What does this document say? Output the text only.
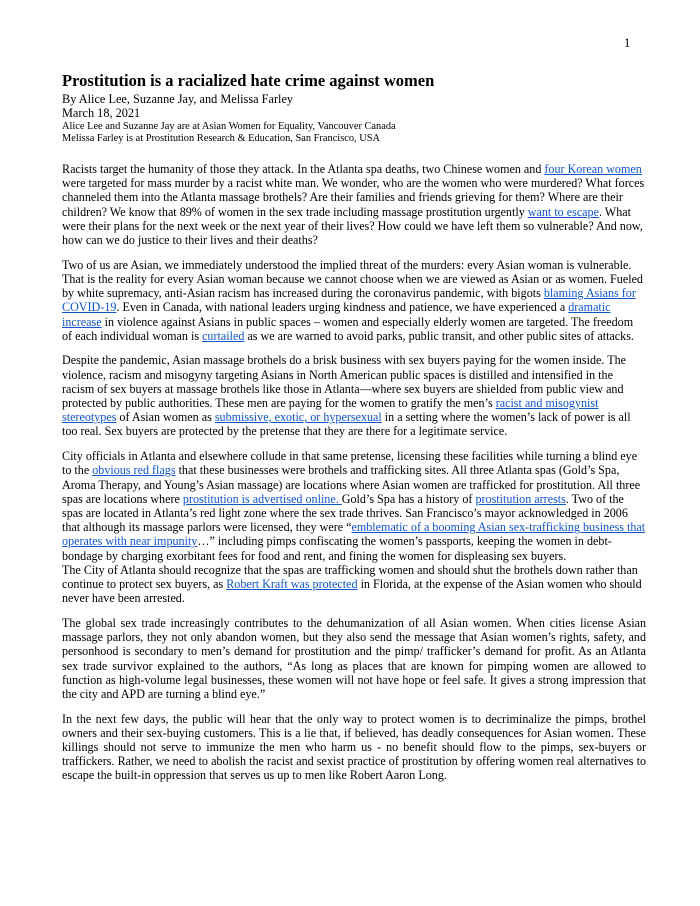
1
Prostitution is a racialized hate crime against women
By Alice Lee, Suzanne Jay, and Melissa Farley
March 18, 2021
Alice Lee and Suzanne Jay are at Asian Women for Equality, Vancouver Canada
Melissa Farley is at Prostitution Research & Education, San Francisco, USA

Racists target the humanity of those they attack. In the Atlanta spa deaths, two Chinese women and four Korean women were targeted for mass murder by a racist white man. We wonder, who are the women who were murdered? What forces channeled them into the Atlanta massage brothels? Are their families and friends grieving for them? Where are their children? We know that 89% of women in the sex trade including massage prostitution urgently want to escape. What were their plans for the next week or the next year of their lives? How could we have left them so vulnerable? And now, how can we do justice to their lives and their deaths?

Two of us are Asian, we immediately understood the implied threat of the murders: every Asian woman is vulnerable. That is the reality for every Asian woman because we cannot choose when we are viewed as Asian or as women. Fueled by white supremacy, anti-Asian racism has increased during the coronavirus pandemic, with bigots blaming Asians for COVID-19. Even in Canada, with national leaders urging kindness and patience, we have experienced a dramatic increase in violence against Asians in public spaces – women and especially elderly women are targeted. The freedom of each individual woman is curtailed as we are warned to avoid parks, public transit, and other public sites of attacks.

Despite the pandemic, Asian massage brothels do a brisk business with sex buyers paying for the women inside. The violence, racism and misogyny targeting Asians in North American public spaces is distilled and intensified in the racism of sex buyers at massage brothels like those in Atlanta—where sex buyers are shielded from public view and protected by public authorities. These men are paying for the women to gratify the men’s racist and misogynist stereotypes of Asian women as submissive, exotic, or hypersexual in a setting where the women’s lack of power is all too real. Sex buyers are protected by the pretense that they are there for a legitimate service.

City officials in Atlanta and elsewhere collude in that same pretense, licensing these facilities while turning a blind eye to the obvious red flags that these businesses were brothels and trafficking sites. All three Atlanta spas (Gold’s Spa, Aroma Therapy, and Young’s Asian massage) are locations where Asian women are trafficked for prostitution. All three spas are locations where prostitution is advertised online. Gold’s Spa has a history of prostitution arrests. Two of the spas are located in Atlanta’s red light zone where the sex trade thrives. San Francisco’s mayor acknowledged in 2006 that although its massage parlors were licensed, they were “emblematic of a booming Asian sex-trafficking business that operates with near impunity…” including pimps confiscating the women’s passports, keeping the women in debt-bondage by charging exorbitant fees for food and rent, and fining the women for displeasing sex buyers.

The City of Atlanta should recognize that the spas are trafficking women and should shut the brothels down rather than continue to protect sex buyers, as Robert Kraft was protected in Florida, at the expense of the Asian women who should never have been arrested.

The global sex trade increasingly contributes to the dehumanization of all Asian women. When cities license Asian massage parlors, they not only abandon women, but they also send the message that Asian women’s rights, safety, and personhood is secondary to men’s demand for prostitution and the pimp/ trafficker’s demand for profit. As an Atlanta sex trade survivor explained to the authors, “As long as places that are known for pimping women are allowed to function as high-volume legal businesses, these women will not have hope or feel safe. It gives a strong impression that the city and APD are turning a blind eye.”

In the next few days, the public will hear that the only way to protect women is to decriminalize the pimps, brothel owners and their sex-buying customers. This is a lie that, if believed, has deadly consequences for Asian women. These killings should not serve to immunize the men who harm us - no benefit should flow to the pimps, sex-buyers or traffickers. Rather, we need to abolish the racist and sexist practice of prostitution by offering women real alternatives to escape the built-in oppression that serves us up to men like Robert Aaron Long.
